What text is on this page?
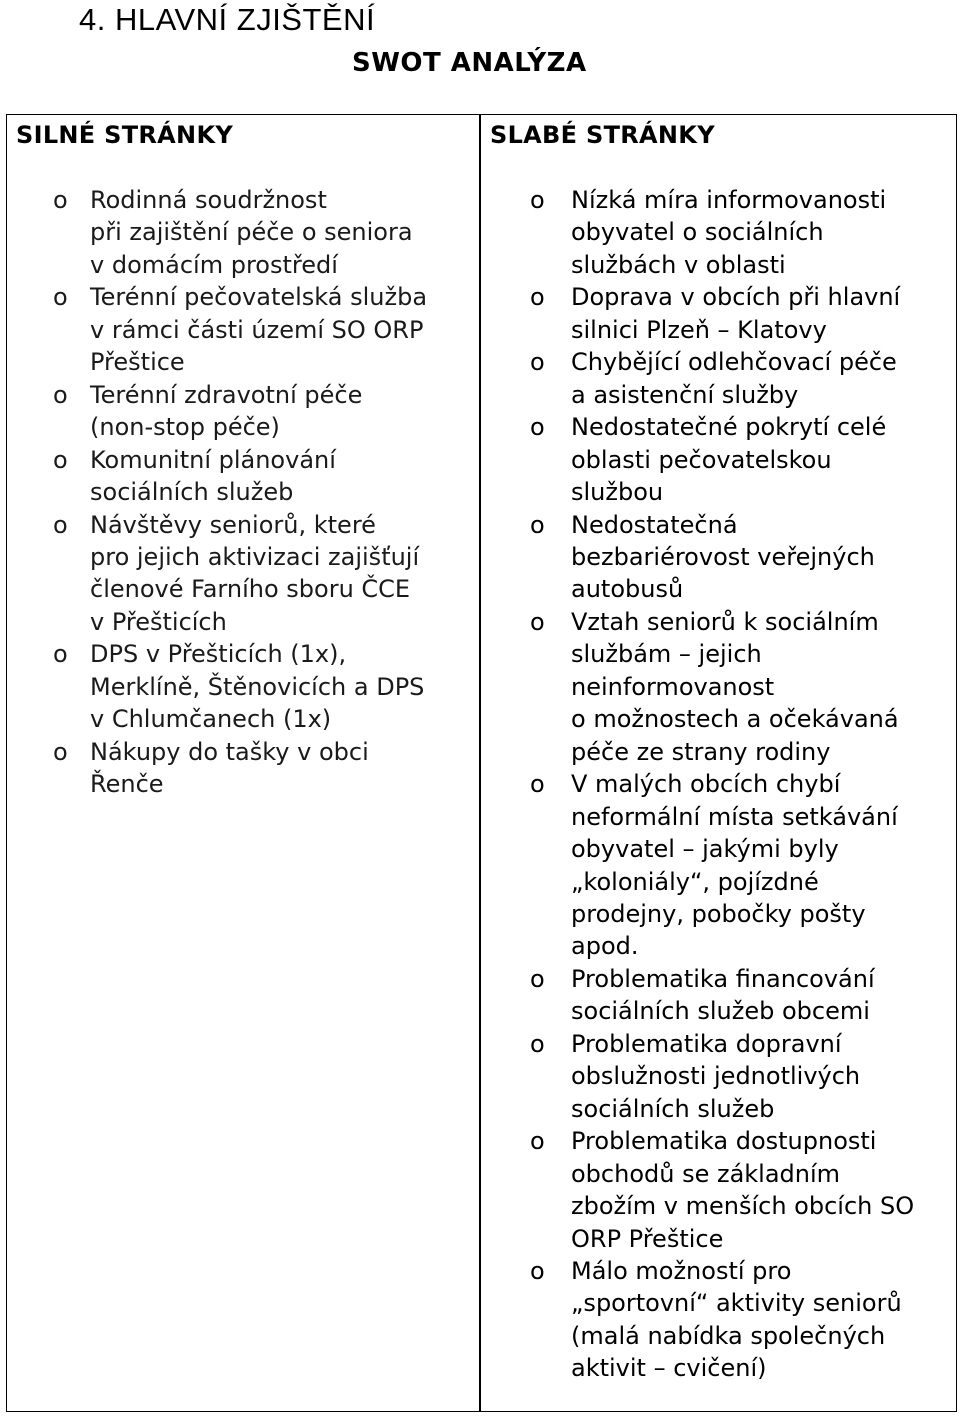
4. HLAVNÍ ZJIŠTĚNÍ
SWOT ANALÝZA
SILNÉ STRÁNKY
o Rodinná soudržnost
při zajištění péče o seniora
v domácím prostředí
o Terénní pečovatelská služba
v rámci části území SO ORP
Přeštice
o Terénní zdravotní péče
(non-stop péče)
o Komunitní plánování
sociálních služeb
o Návštěvy seniorů, které
pro jejich aktivizaci zajišťují
členové Farního sboru ČCE
v Přešticích
o DPS v Přešticích (1x),
Merklíně, Štěnovicích a DPS
v Chlumčanech (1x)
o Nákupy do tašky v obci
Řenče
SLABÉ STRÁNKY
o Nízká míra informovanosti
obyvatel o sociálních
službách v oblasti
o Doprava v obcích při hlavní
silnici Plzeň – Klatovy
o Chybějící odlehčovací péče
a asistenční služby
o Nedostatečné pokrytí celé
oblasti pečovatelskou
službou
o Nedostatečná
bezbariérovost veřejných
autobusů
o Vztah seniorů k sociálním
službám – jejich
neinformovanost
o možnostech a očekávaná
péče ze strany rodiny
o V malých obcích chybí
neformální místa setkávání
obyvatel – jakými byly
„koloniály“, pojízdné
prodejny, pobočky pošty
apod.
o Problematika financování
sociálních služeb obcemi
o Problematika dopravní
obslužnosti jednotlivých
sociálních služeb
o Problematika dostupnosti
obchodů se základním
zbožím v menších obcích SO
ORP Přeštice
o Málo možností pro
„sportovní“ aktivity seniorů
(malá nabídka společných
aktivit – cvičení)
